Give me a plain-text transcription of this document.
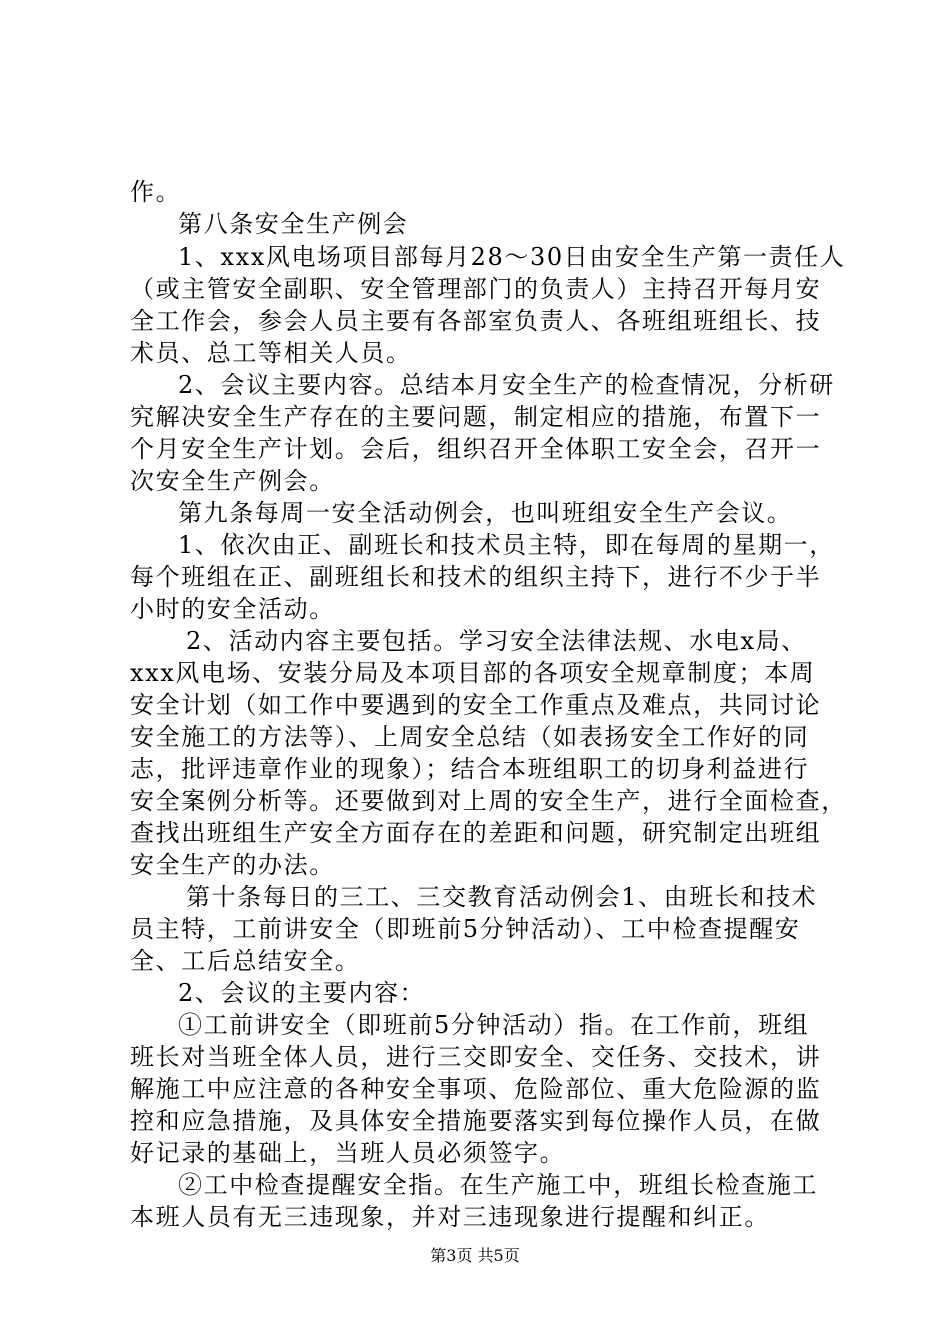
作。
第八条安全生产例会
1、xxx风电场项目部每月28～30日由安全生产第一责任人
（或主管安全副职、安全管理部门的负责人）主持召开每月安
全工作会，参会人员主要有各部室负责人、各班组班组长、技
术员、总工等相关人员。
2、会议主要内容。总结本月安全生产的检查情况，分析研
究解决安全生产存在的主要问题，制定相应的措施，布置下一
个月安全生产计划。会后，组织召开全体职工安全会，召开一
次安全生产例会。
第九条每周一安全活动例会，也叫班组安全生产会议。
1、依次由正、副班长和技术员主特，即在每周的星期一，
每个班组在正、副班组长和技术的组织主持下，进行不少于半
小时的安全活动。
2、活动内容主要包括。学习安全法律法规、水电x局、
xxx风电场、安装分局及本项目部的各项安全规章制度；本周
安全计划（如工作中要遇到的安全工作重点及难点，共同讨论
安全施工的方法等）、上周安全总结（如表扬安全工作好的同
志，批评违章作业的现象）；结合本班组职工的切身利益进行
安全案例分析等。还要做到对上周的安全生产，进行全面检查，
查找出班组生产安全方面存在的差距和问题，研究制定出班组
安全生产的办法。
第十条每日的三工、三交教育活动例会1、由班长和技术
员主特，工前讲安全（即班前5分钟活动）、工中检查提醒安
全、工后总结安全。
2、会议的主要内容：
①工前讲安全（即班前5分钟活动）指。在工作前，班组
班长对当班全体人员，进行三交即安全、交任务、交技术，讲
解施工中应注意的各种安全事项、危险部位、重大危险源的监
控和应急措施，及具体安全措施要落实到每位操作人员，在做
好记录的基础上，当班人员必须签字。
②工中检查提醒安全指。在生产施工中，班组长检查施工
本班人员有无三违现象，并对三违现象进行提醒和纠正。
第3页 共5页
